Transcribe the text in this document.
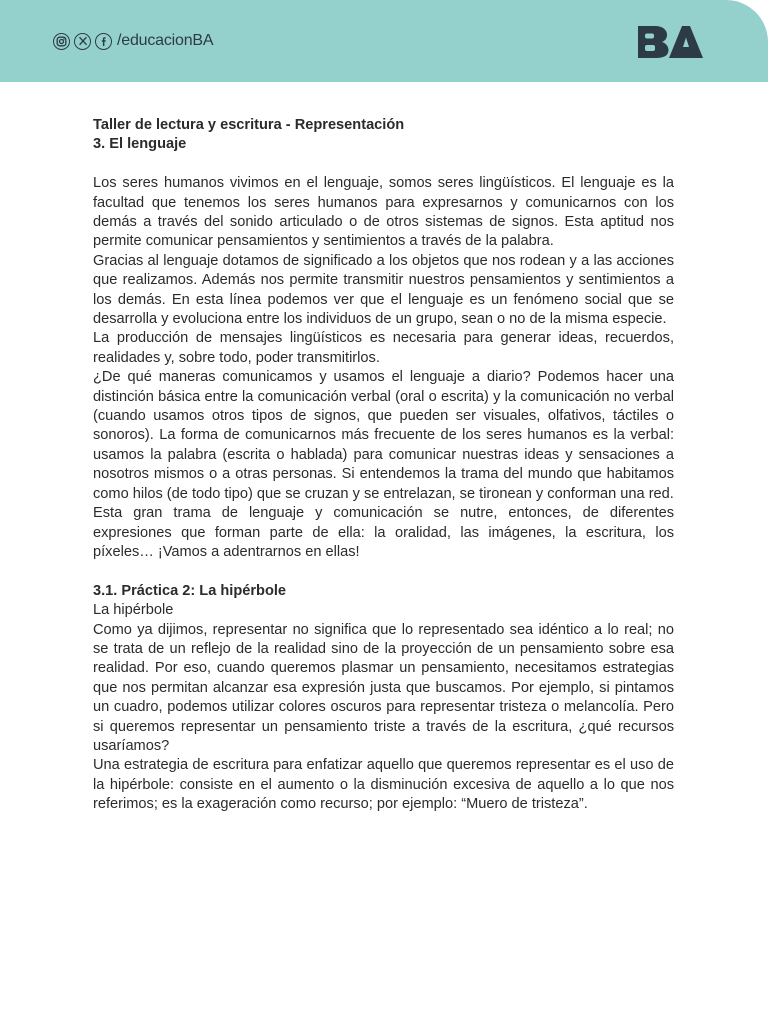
/educacionBA

Taller de lectura y escritura - Representación

3. El lenguaje

Los seres humanos vivimos en el lenguaje, somos seres lingüísticos. El lenguaje es la facultad que tenemos los seres humanos para expresarnos y comunicarnos con los demás a través del sonido articulado o de otros sistemas de signos. Esta aptitud nos permite comunicar pensamientos y sentimientos a través de la palabra.

Gracias al lenguaje dotamos de significado a los objetos que nos rodean y a las acciones que realizamos. Además nos permite transmitir nuestros pensamientos y sentimientos a los demás. En esta línea podemos ver que el lenguaje es un fenómeno social que se desarrolla y evoluciona entre los individuos de un grupo, sean o no de la misma especie.

La producción de mensajes lingüísticos es necesaria para generar ideas, recuerdos, realidades y, sobre todo, poder transmitirlos.

¿De qué maneras comunicamos y usamos el lenguaje a diario? Podemos hacer una distinción básica entre la comunicación verbal (oral o escrita) y la comunicación no verbal (cuando usamos otros tipos de signos, que pueden ser visuales, olfativos, táctiles o sonoros). La forma de comunicarnos más frecuente de los seres humanos es la verbal: usamos la palabra (escrita o hablada) para comunicar nuestras ideas y sensaciones a nosotros mismos o a otras personas. Si entendemos la trama del mundo que habitamos como hilos (de todo tipo) que se cruzan y se entrelazan, se tironean y conforman una red.

Esta gran trama de lenguaje y comunicación se nutre, entonces, de diferentes expresiones que forman parte de ella: la oralidad, las imágenes, la escritura, los píxeles… ¡Vamos a adentrarnos en ellas!

3.1. Práctica 2: La hipérbole

La hipérbole

Como ya dijimos, representar no significa que lo representado sea idéntico a lo real; no se trata de un reflejo de la realidad sino de la proyección de un pensamiento sobre esa realidad. Por eso, cuando queremos plasmar un pensamiento, necesitamos estrategias que nos permitan alcanzar esa expresión justa que buscamos. Por ejemplo, si pintamos un cuadro, podemos utilizar colores oscuros para representar tristeza o melancolía. Pero si queremos representar un pensamiento triste a través de la escritura, ¿qué recursos usaríamos?

Una estrategia de escritura para enfatizar aquello que queremos representar es el uso de la hipérbole: consiste en el aumento o la disminución excesiva de aquello a lo que nos referimos; es la exageración como recurso; por ejemplo: “Muero de tristeza”.
